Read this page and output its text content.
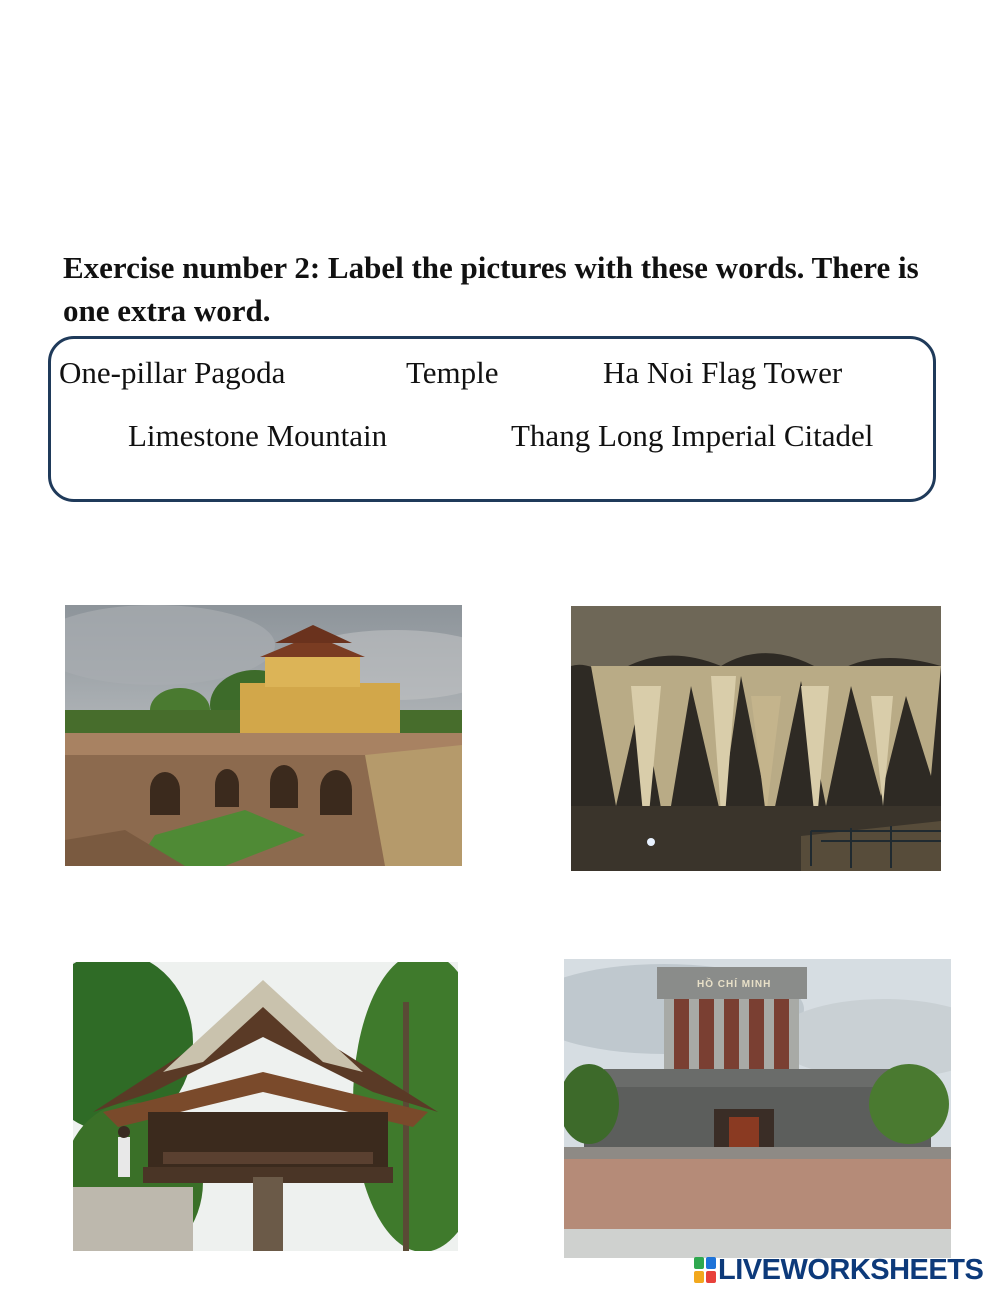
Exercise number 2: Label the pictures with these words. There is one extra word.

One-pillar Pagoda	Temple	Ha Noi Flag Tower
Limestone Mountain	Thang Long Imperial Citadel
HỒ CHÍ MINH
LIVEWORKSHEETS
